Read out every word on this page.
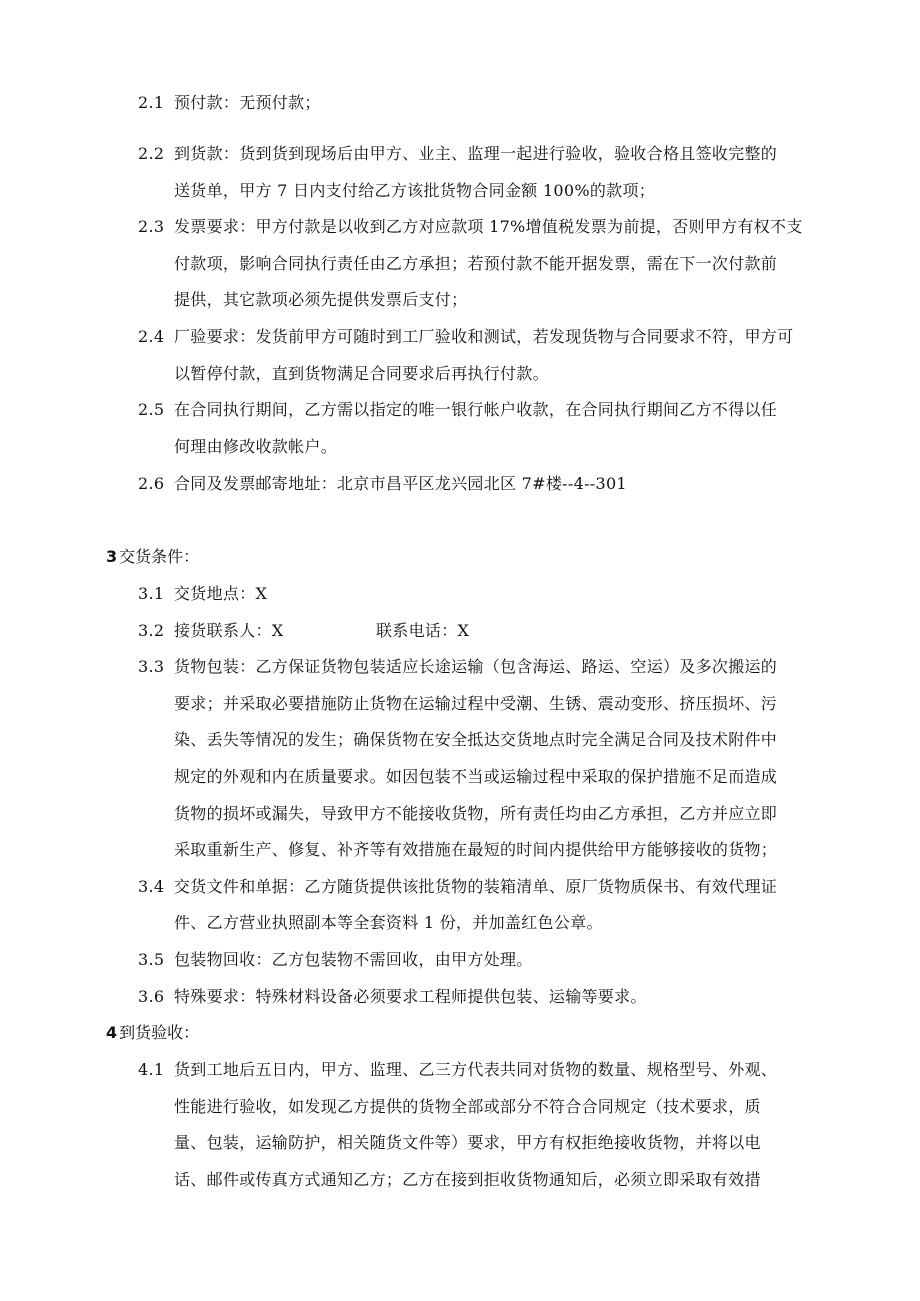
2.1 预付款：无预付款；
2.2 到货款：货到货到现场后由甲方、业主、监理一起进行验收，验收合格且签收完整的
送货单，甲方 7 日内支付给乙方该批货物合同金额 100%的款项；
2.3 发票要求：甲方付款是以收到乙方对应款项 17%增值税发票为前提，否则甲方有权不支
付款项，影响合同执行责任由乙方承担；若预付款不能开据发票，需在下一次付款前
提供，其它款项必须先提供发票后支付；
2.4 厂验要求：发货前甲方可随时到工厂验收和测试，若发现货物与合同要求不符，甲方可
以暂停付款，直到货物满足合同要求后再执行付款。
2.5 在合同执行期间，乙方需以指定的唯一银行帐户收款，在合同执行期间乙方不得以任
何理由修改收款帐户。
2.6 合同及发票邮寄地址：北京市昌平区龙兴园北区 7#楼--4--301
3 交货条件：
3.1 交货地点：X
3.2 接货联系人：X	联系电话：X
3.3 货物包装：乙方保证货物包装适应长途运输（包含海运、路运、空运）及多次搬运的
要求；并采取必要措施防止货物在运输过程中受潮、生锈、震动变形、挤压损坏、污
染、丢失等情况的发生；确保货物在安全抵达交货地点时完全满足合同及技术附件中
规定的外观和内在质量要求。如因包装不当或运输过程中采取的保护措施不足而造成
货物的损坏或漏失，导致甲方不能接收货物，所有责任均由乙方承担，乙方并应立即
采取重新生产、修复、补齐等有效措施在最短的时间内提供给甲方能够接收的货物；
3.4 交货文件和单据：乙方随货提供该批货物的装箱清单、原厂货物质保书、有效代理证
件、乙方营业执照副本等全套资料 1 份，并加盖红色公章。
3.5 包装物回收：乙方包装物不需回收，由甲方处理。
3.6 特殊要求：特殊材料设备必须要求工程师提供包装、运输等要求。
4 到货验收：
4.1 货到工地后五日内，甲方、监理、乙三方代表共同对货物的数量、规格型号、外观、
性能进行验收，如发现乙方提供的货物全部或部分不符合合同规定（技术要求，质
量、包装，运输防护，相关随货文件等）要求，甲方有权拒绝接收货物，并将以电
话、邮件或传真方式通知乙方；乙方在接到拒收货物通知后，必须立即采取有效措
